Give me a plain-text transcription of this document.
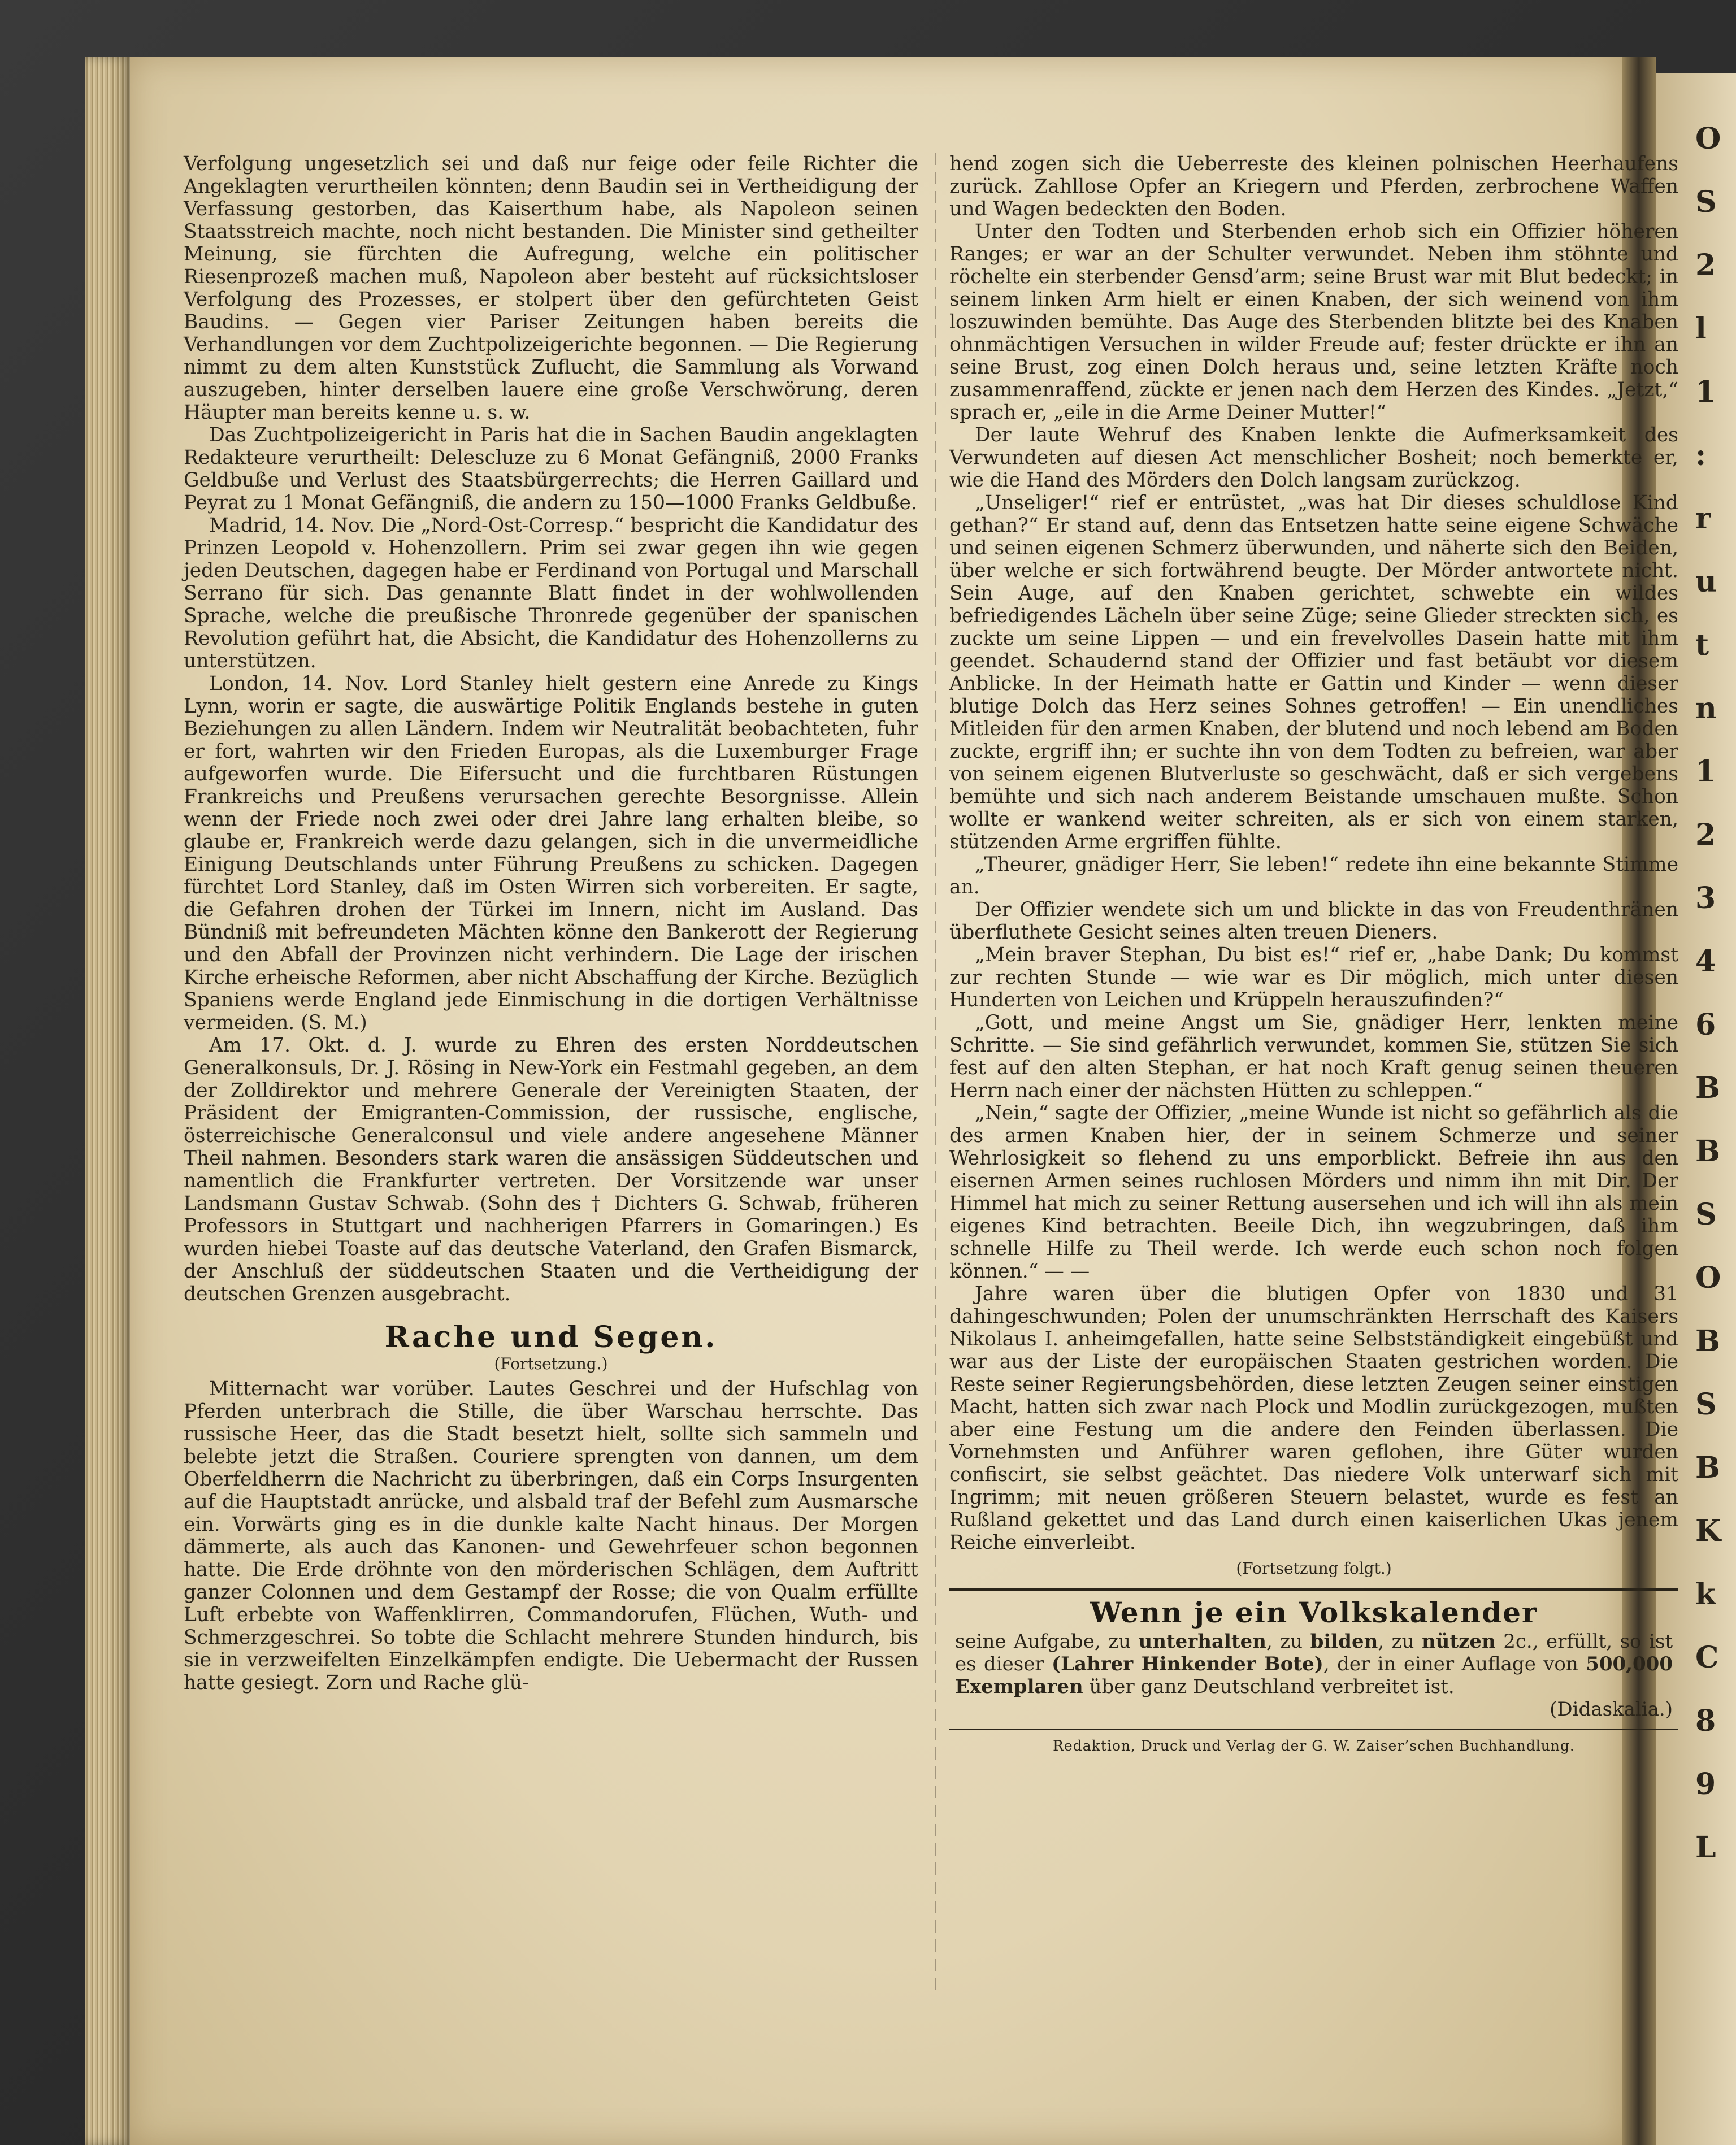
O
S
2
l
1
:
r
u
t
n
1
2
3
4
6
B
B
S
O
B
S
B
K
k
C
8
9
L

Verfolgung ungesetzlich sei und daß nur feige oder feile Richter die Angeklagten verurtheilen könnten; denn Baudin sei in Vertheidigung der Verfassung gestorben, das Kaiserthum habe, als Napoleon seinen Staatsstreich machte, noch nicht bestanden. Die Minister sind getheilter Meinung, sie fürchten die Aufregung, welche ein politischer Riesenprozeß machen muß, Napoleon aber besteht auf rücksichtsloser Verfolgung des Prozesses, er stolpert über den gefürchteten Geist Baudins. — Gegen vier Pariser Zeitungen haben bereits die Verhandlungen vor dem Zuchtpolizeigerichte begonnen. — Die Regierung nimmt zu dem alten Kunststück Zuflucht, die Sammlung als Vorwand auszugeben, hinter derselben lauere eine große Verschwörung, deren Häupter man bereits kenne u. s. w.

Das Zuchtpolizeigericht in Paris hat die in Sachen Baudin angeklagten Redakteure verurtheilt: Delescluze zu 6 Monat Gefängniß, 2000 Franks Geldbuße und Verlust des Staatsbürgerrechts; die Herren Gaillard und Peyrat zu 1 Monat Gefängniß, die andern zu 150—1000 Franks Geldbuße.

Madrid, 14. Nov. Die „Nord-Ost-Corresp.“ bespricht die Kandidatur des Prinzen Leopold v. Hohenzollern. Prim sei zwar gegen ihn wie gegen jeden Deutschen, dagegen habe er Ferdinand von Portugal und Marschall Serrano für sich. Das genannte Blatt findet in der wohlwollenden Sprache, welche die preußische Thronrede gegenüber der spanischen Revolution geführt hat, die Absicht, die Kandidatur des Hohenzollerns zu unterstützen.

London, 14. Nov. Lord Stanley hielt gestern eine Anrede zu Kings Lynn, worin er sagte, die auswärtige Politik Englands bestehe in guten Beziehungen zu allen Ländern. Indem wir Neutralität beobachteten, fuhr er fort, wahrten wir den Frieden Europas, als die Luxemburger Frage aufgeworfen wurde. Die Eifersucht und die furchtbaren Rüstungen Frankreichs und Preußens verursachen gerechte Besorgnisse. Allein wenn der Friede noch zwei oder drei Jahre lang erhalten bleibe, so glaube er, Frankreich werde dazu gelangen, sich in die unvermeidliche Einigung Deutschlands unter Führung Preußens zu schicken. Dagegen fürchtet Lord Stanley, daß im Osten Wirren sich vorbereiten. Er sagte, die Gefahren drohen der Türkei im Innern, nicht im Ausland. Das Bündniß mit befreundeten Mächten könne den Bankerott der Regierung und den Abfall der Provinzen nicht verhindern. Die Lage der irischen Kirche erheische Reformen, aber nicht Abschaffung der Kirche. Bezüglich Spaniens werde England jede Einmischung in die dortigen Verhältnisse vermeiden. (S. M.)

Am 17. Okt. d. J. wurde zu Ehren des ersten Norddeutschen Generalkonsuls, Dr. J. Rösing in New-York ein Festmahl gegeben, an dem der Zolldirektor und mehrere Generale der Vereinigten Staaten, der Präsident der Emigranten-Commission, der russische, englische, österreichische Generalconsul und viele andere angesehene Männer Theil nahmen. Besonders stark waren die ansässigen Süddeutschen und namentlich die Frankfurter vertreten. Der Vorsitzende war unser Landsmann Gustav Schwab. (Sohn des † Dichters G. Schwab, früheren Professors in Stuttgart und nachherigen Pfarrers in Gomaringen.) Es wurden hiebei Toaste auf das deutsche Vaterland, den Grafen Bismarck, der Anschluß der süddeutschen Staaten und die Vertheidigung der deutschen Grenzen ausgebracht.

Rache und Segen.
(Fortsetzung.)

Mitternacht war vorüber. Lautes Geschrei und der Hufschlag von Pferden unterbrach die Stille, die über Warschau herrschte. Das russische Heer, das die Stadt besetzt hielt, sollte sich sammeln und belebte jetzt die Straßen. Couriere sprengten von dannen, um dem Oberfeldherrn die Nachricht zu überbringen, daß ein Corps Insurgenten auf die Hauptstadt anrücke, und alsbald traf der Befehl zum Ausmarsche ein. Vorwärts ging es in die dunkle kalte Nacht hinaus. Der Morgen dämmerte, als auch das Kanonen- und Gewehrfeuer schon begonnen hatte. Die Erde dröhnte von den mörderischen Schlägen, dem Auftritt ganzer Colonnen und dem Gestampf der Rosse; die von Qualm erfüllte Luft erbebte von Waffenklirren, Commandorufen, Flüchen, Wuth- und Schmerzgeschrei. So tobte die Schlacht mehrere Stunden hindurch, bis sie in verzweifelten Einzelkämpfen endigte. Die Uebermacht der Russen hatte gesiegt. Zorn und Rache glü-

hend zogen sich die Ueberreste des kleinen polnischen Heerhaufens zurück. Zahllose Opfer an Kriegern und Pferden, zerbrochene Waffen und Wagen bedeckten den Boden.

Unter den Todten und Sterbenden erhob sich ein Offizier höheren Ranges; er war an der Schulter verwundet. Neben ihm stöhnte und röchelte ein sterbender Gensd’arm; seine Brust war mit Blut bedeckt; in seinem linken Arm hielt er einen Knaben, der sich weinend von ihm loszuwinden bemühte. Das Auge des Sterbenden blitzte bei des Knaben ohnmächtigen Versuchen in wilder Freude auf; fester drückte er ihn an seine Brust, zog einen Dolch heraus und, seine letzten Kräfte noch zusammenraffend, zückte er jenen nach dem Herzen des Kindes. „Jetzt,“ sprach er, „eile in die Arme Deiner Mutter!“

Der laute Wehruf des Knaben lenkte die Aufmerksamkeit des Verwundeten auf diesen Act menschlicher Bosheit; noch bemerkte er, wie die Hand des Mörders den Dolch langsam zurückzog.

„Unseliger!“ rief er entrüstet, „was hat Dir dieses schuldlose Kind gethan?“ Er stand auf, denn das Entsetzen hatte seine eigene Schwäche und seinen eigenen Schmerz überwunden, und näherte sich den Beiden, über welche er sich fortwährend beugte. Der Mörder antwortete nicht. Sein Auge, auf den Knaben gerichtet, schwebte ein wildes befriedigendes Lächeln über seine Züge; seine Glieder streckten sich, es zuckte um seine Lippen — und ein frevelvolles Dasein hatte mit ihm geendet. Schaudernd stand der Offizier und fast betäubt vor diesem Anblicke. In der Heimath hatte er Gattin und Kinder — wenn dieser blutige Dolch das Herz seines Sohnes getroffen! — Ein unendliches Mitleiden für den armen Knaben, der blutend und noch lebend am Boden zuckte, ergriff ihn; er suchte ihn von dem Todten zu befreien, war aber von seinem eigenen Blutverluste so geschwächt, daß er sich vergebens bemühte und sich nach anderem Beistande umschauen mußte. Schon wollte er wankend weiter schreiten, als er sich von einem starken, stützenden Arme ergriffen fühlte.

„Theurer, gnädiger Herr, Sie leben!“ redete ihn eine bekannte Stimme an.

Der Offizier wendete sich um und blickte in das von Freudenthränen überfluthete Gesicht seines alten treuen Dieners.

„Mein braver Stephan, Du bist es!“ rief er, „habe Dank; Du kommst zur rechten Stunde — wie war es Dir möglich, mich unter diesen Hunderten von Leichen und Krüppeln herauszufinden?“

„Gott, und meine Angst um Sie, gnädiger Herr, lenkten meine Schritte. — Sie sind gefährlich verwundet, kommen Sie, stützen Sie sich fest auf den alten Stephan, er hat noch Kraft genug seinen theueren Herrn nach einer der nächsten Hütten zu schleppen.“

„Nein,“ sagte der Offizier, „meine Wunde ist nicht so gefährlich als die des armen Knaben hier, der in seinem Schmerze und seiner Wehrlosigkeit so flehend zu uns emporblickt. Befreie ihn aus den eisernen Armen seines ruchlosen Mörders und nimm ihn mit Dir. Der Himmel hat mich zu seiner Rettung ausersehen und ich will ihn als mein eigenes Kind betrachten. Beeile Dich, ihn wegzubringen, daß ihm schnelle Hilfe zu Theil werde. Ich werde euch schon noch folgen können.“ — —

Jahre waren über die blutigen Opfer von 1830 und 31 dahingeschwunden; Polen der unumschränkten Herrschaft des Kaisers Nikolaus I. anheimgefallen, hatte seine Selbstständigkeit eingebüßt und war aus der Liste der europäischen Staaten gestrichen worden. Die Reste seiner Regierungsbehörden, diese letzten Zeugen seiner einstigen Macht, hatten sich zwar nach Plock und Modlin zurückgezogen, mußten aber eine Festung um die andere den Feinden überlassen. Die Vornehmsten und Anführer waren geflohen, ihre Güter wurden confiscirt, sie selbst geächtet. Das niedere Volk unterwarf sich mit Ingrimm; mit neuen größeren Steuern belastet, wurde es fest an Rußland gekettet und das Land durch einen kaiserlichen Ukas jenem Reiche einverleibt.

(Fortsetzung folgt.)
Wenn je ein Volkskalender
seine Aufgabe, zu unterhalten, zu bilden, zu nützen 2c., erfüllt, so ist es dieser (Lahrer Hinkender Bote), der in einer Auflage von 500,000 Exemplaren über ganz Deutschland verbreitet ist.
(Didaskalia.)
Redaktion, Druck und Verlag der G. W. Zaiser’schen Buchhandlung.
